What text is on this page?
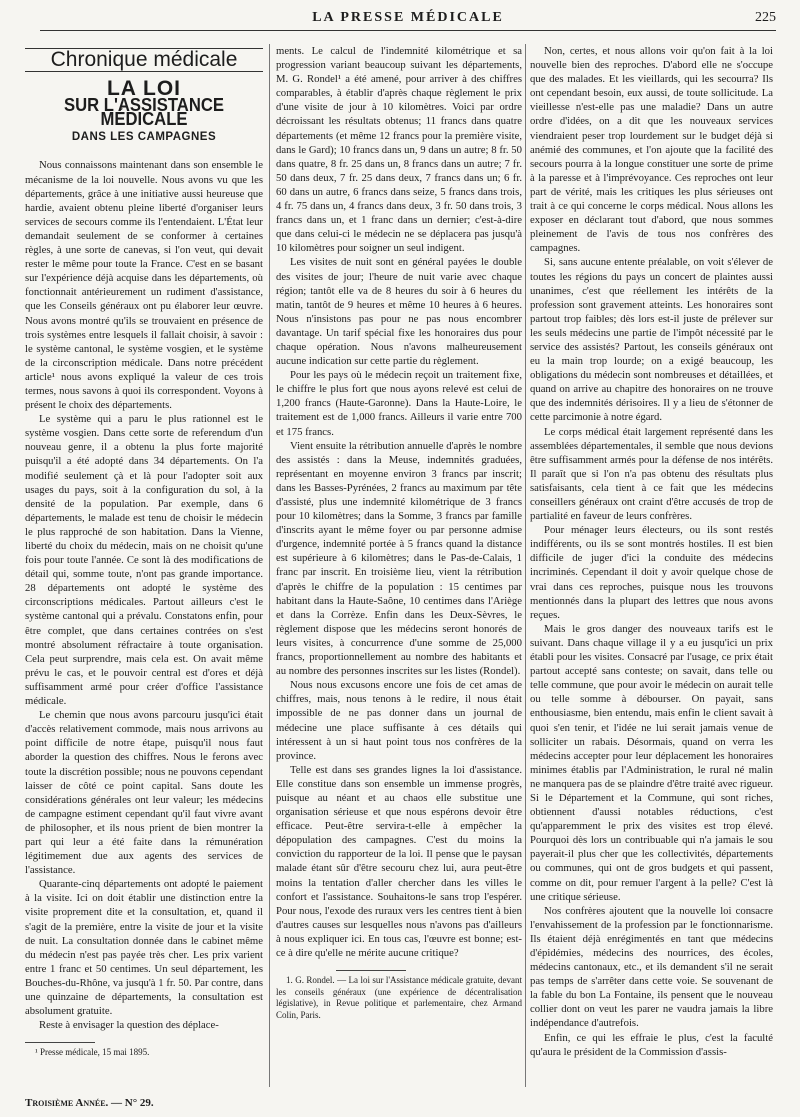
LA PRESSE MÉDICALE	225
Chronique médicale
LA LOI
SUR L'ASSISTANCE MÉDICALE
DANS LES CAMPAGNES

Nous connaissons maintenant dans son ensemble le mécanisme de la loi nouvelle. Nous avons vu que les départements, grâce à une initiative aussi heureuse que hardie, avaient obtenu pleine liberté d'organiser leurs services de secours comme ils l'entendaient. L'État leur demandait seulement de se conformer à certaines règles, à une sorte de canevas, si l'on veut, qui devait rester le même pour toute la France. C'est en se basant sur l'expérience déjà acquise dans les départements, où fonctionnait antérieurement un rudiment d'assistance, que les Conseils généraux ont pu élaborer leur œuvre. Nous avons montré qu'ils se trouvaient en présence de trois systèmes entre lesquels il fallait choisir, à savoir : le système cantonal, le système vosgien, et le système de la circonscription médicale. Dans notre précédent article¹ nous avons expliqué la valeur de ces trois termes, nous savons à quoi ils correspondent. Voyons à présent le choix des départements.

Le système qui a paru le plus rationnel est le système vosgien. Dans cette sorte de referendum d'un nouveau genre, il a obtenu la plus forte majorité puisqu'il a été adopté dans 34 départements. On l'a modifié seulement çà et là pour l'adopter soit aux usages du pays, soit à la configuration du sol, à la densité de la population. Par exemple, dans 6 départements, le malade est tenu de choisir le médecin le plus rapproché de son habitation. Dans la Vienne, liberté du choix du médecin, mais on ne choisit qu'une fois pour toute l'année. Ce sont là des modifications de détail qui, somme toute, n'ont pas grande importance. 28 départements ont adopté le système des circonscriptions médicales. Partout ailleurs c'est le système cantonal qui a prévalu. Constatons enfin, pour être complet, que dans certaines contrées on s'est montré absolument réfractaire à toute organisation. Cela peut surprendre, mais cela est. On avait même prévu le cas, et le pouvoir central est d'ores et déjà suffisamment armé pour créer d'office l'assistance médicale.

Le chemin que nous avons parcouru jusqu'ici était d'accès relativement commode, mais nous arrivons au point difficile de notre étape, puisqu'il nous faut aborder la question des chiffres. Nous le ferons avec toute la discrétion possible; nous ne pouvons cependant laisser de côté ce point capital. Sans doute les considérations générales ont leur valeur; les médecins de campagne estiment cependant qu'il faut vivre avant de philosopher, et ils nous prient de bien montrer la part qui leur a été faite dans la rémunération légitimement due aux agents des services de l'assistance.

Quarante-cinq départements ont adopté le paiement à la visite. Ici on doit établir une distinction entre la visite proprement dite et la consultation, et, quand il s'agit de la première, entre la visite de jour et la visite de nuit. La consultation donnée dans le cabinet même du médecin n'est pas payée très cher. Les prix varient entre 1 franc et 50 centimes. Un seul département, les Bouches-du-Rhône, va jusqu'à 1 fr. 50. Par contre, dans une quinzaine de départements, la consultation est absolument gratuite.

Reste à envisager la question des déplace-

¹ Presse médicale, 15 mai 1895.

ments. Le calcul de l'indemnité kilométrique et sa progression variant beaucoup suivant les départements, M. G. Rondel¹ a été amené, pour arriver à des chiffres comparables, à établir d'après chaque règlement le prix d'une visite de jour à 10 kilomètres. Voici par ordre décroissant les résultats obtenus; 11 francs dans quatre départements (et même 12 francs pour la première visite, dans le Gard); 10 francs dans un, 9 dans un autre; 8 fr. 50 dans quatre, 8 fr. 25 dans un, 8 francs dans un autre; 7 fr. 50 dans deux, 7 fr. 25 dans deux, 7 francs dans un; 6 fr. 60 dans un autre, 6 francs dans seize, 5 francs dans trois, 4 fr. 75 dans un, 4 francs dans deux, 3 fr. 50 dans trois, 3 francs dans un, et 1 franc dans un dernier; c'est-à-dire que dans celui-ci le médecin ne se déplacera pas jusqu'à 10 kilomètres pour soigner un seul indigent.

Les visites de nuit sont en général payées le double des visites de jour; l'heure de nuit varie avec chaque région; tantôt elle va de 8 heures du soir à 6 heures du matin, tantôt de 9 heures et même 10 heures à 6 heures. Nous n'insistons pas pour ne pas nous encombrer davantage. Un tarif spécial fixe les honoraires dus pour chaque opération. Nous n'avons malheureusement aucune indication sur cette partie du règlement.

Pour les pays où le médecin reçoit un traitement fixe, le chiffre le plus fort que nous ayons relevé est celui de 1,200 francs (Haute-Garonne). Dans la Haute-Loire, le traitement est de 1,000 francs. Ailleurs il varie entre 700 et 175 francs.

Vient ensuite la rétribution annuelle d'après le nombre des assistés : dans la Meuse, indemnités graduées, représentant en moyenne environ 3 francs par inscrit; dans les Basses-Pyrénées, 2 francs au maximum par tête d'assisté, plus une indemnité kilométrique de 3 francs pour 10 kilomètres; dans la Somme, 3 francs par famille d'inscrits ayant le même foyer ou par personne admise d'urgence, indemnité portée à 5 francs quand la distance est supérieure à 6 kilomètres; dans le Pas-de-Calais, 1 franc par inscrit. En troisième lieu, vient la rétribution d'après le chiffre de la population : 15 centimes par habitant dans la Haute-Saône, 10 centimes dans l'Ariège et dans la Corrèze. Enfin dans les Deux-Sèvres, le règlement dispose que les médecins seront honorés de leurs visites, à concurrence d'une somme de 25,000 francs, proportionnellement au nombre des habitants et au nombre des personnes inscrites sur les listes (Rondel).

Nous nous excusons encore une fois de cet amas de chiffres, mais, nous tenons à le redire, il nous était impossible de ne pas donner dans un journal de médecine une place suffisante à ces détails qui intéressent à un si haut point tous nos confrères de la province.

Telle est dans ses grandes lignes la loi d'assistance. Elle constitue dans son ensemble un immense progrès, puisque au néant et au chaos elle substitue une organisation sérieuse et que nous espérons devoir être efficace. Peut-être servira-t-elle à empêcher la dépopulation des campagnes. C'est du moins la conviction du rapporteur de la loi. Il pense que le paysan malade étant sûr d'être secouru chez lui, aura peut-être moins la tentation d'aller chercher dans les villes le confort et l'assistance. Souhaitons-le sans trop l'espérer. Pour nous, l'exode des ruraux vers les centres tient à bien d'autres causes sur lesquelles nous n'avons pas d'ailleurs à nous expliquer ici. En tous cas, l'œuvre est bonne; est-ce à dire qu'elle ne mérite aucune critique?

1. G. Rondel. — La loi sur l'Assistance médicale gratuite, devant les conseils généraux (une expérience de décentralisation législative), in Revue politique et parlementaire, chez Armand Colin, Paris.

Non, certes, et nous allons voir qu'on fait à la loi nouvelle bien des reproches. D'abord elle ne s'occupe que des malades. Et les vieillards, qui les secourra? Ils ont cependant besoin, eux aussi, de toute sollicitude. La vieillesse n'est-elle pas une maladie? Dans un autre ordre d'idées, on a dit que les nouveaux services viendraient peser trop lourdement sur le budget déjà si anémié des communes, et l'on ajoute que la facilité des secours pourra à la longue constituer une sorte de prime à la paresse et à l'imprévoyance. Ces reproches ont leur part de vérité, mais les critiques les plus sérieuses ont trait à ce qui concerne le corps médical. Nous allons les exposer en déclarant tout d'abord, que nous sommes pleinement de l'avis de tous nos confrères des campagnes.

Si, sans aucune entente préalable, on voit s'élever de toutes les régions du pays un concert de plaintes aussi unanimes, c'est que réellement les intérêts de la profession sont gravement atteints. Les honoraires sont partout trop faibles; dès lors est-il juste de prélever sur les seuls médecins une partie de l'impôt nécessité par le service des assistés? Partout, les conseils généraux ont eu la main trop lourde; on a exigé beaucoup, les obligations du médecin sont nombreuses et détaillées, et quand on arrive au chapitre des honoraires on ne trouve que des indemnités dérisoires. Il y a lieu de s'étonner de cette parcimonie à notre égard.

Le corps médical était largement représenté dans les assemblées départementales, il semble que nous devions être suffisamment armés pour la défense de nos intérêts. Il paraît que si l'on n'a pas obtenu des résultats plus satisfaisants, cela tient à ce fait que les médecins conseillers généraux ont craint d'être accusés de trop de partialité en faveur de leurs confrères.

Pour ménager leurs électeurs, ou ils sont restés indifférents, ou ils se sont montrés hostiles. Il est bien difficile de juger d'ici la conduite des médecins incriminés. Cependant il doit y avoir quelque chose de vrai dans ces reproches, puisque nous les trouvons mentionnés dans la plupart des lettres que nous avons reçues.

Mais le gros danger des nouveaux tarifs est le suivant. Dans chaque village il y a eu jusqu'ici un prix établi pour les visites. Consacré par l'usage, ce prix était partout accepté sans conteste; on savait, dans telle ou telle commune, que pour avoir le médecin on aurait telle ou telle somme à débourser. On payait, sans enthousiasme, bien entendu, mais enfin le client savait à quoi s'en tenir, et l'idée ne lui serait jamais venue de solliciter un rabais. Désormais, quand on verra les médecins accepter pour leur déplacement les honoraires minimes établis par l'Administration, le rural né malin ne manquera pas de se plaindre d'être traité avec rigueur. Si le Département et la Commune, qui sont riches, obtiennent d'aussi notables réductions, c'est qu'apparemment le prix des visites est trop élevé. Pourquoi dès lors un contribuable qui n'a jamais le sou payerait-il plus cher que les collectivités, départements ou communes, qui ont de gros budgets et qui passent, comme on dit, pour remuer l'argent à la pelle? C'est là une critique sérieuse.

Nos confrères ajoutent que la nouvelle loi consacre l'envahissement de la profession par le fonctionnarisme. Ils étaient déjà enrégimentés en tant que médecins d'épidémies, médecins des nourrices, des écoles, médecins cantonaux, etc., et ils demandent s'il ne serait pas temps de s'arrêter dans cette voie. Se souvenant de la fable du bon La Fontaine, ils pensent que le nouveau collier dont on veut les parer ne vaudra jamais la libre indépendance d'autrefois.

Enfin, ce qui les effraie le plus, c'est la faculté qu'aura le président de la Commission d'assis-

Troisième Année. — N° 29.
